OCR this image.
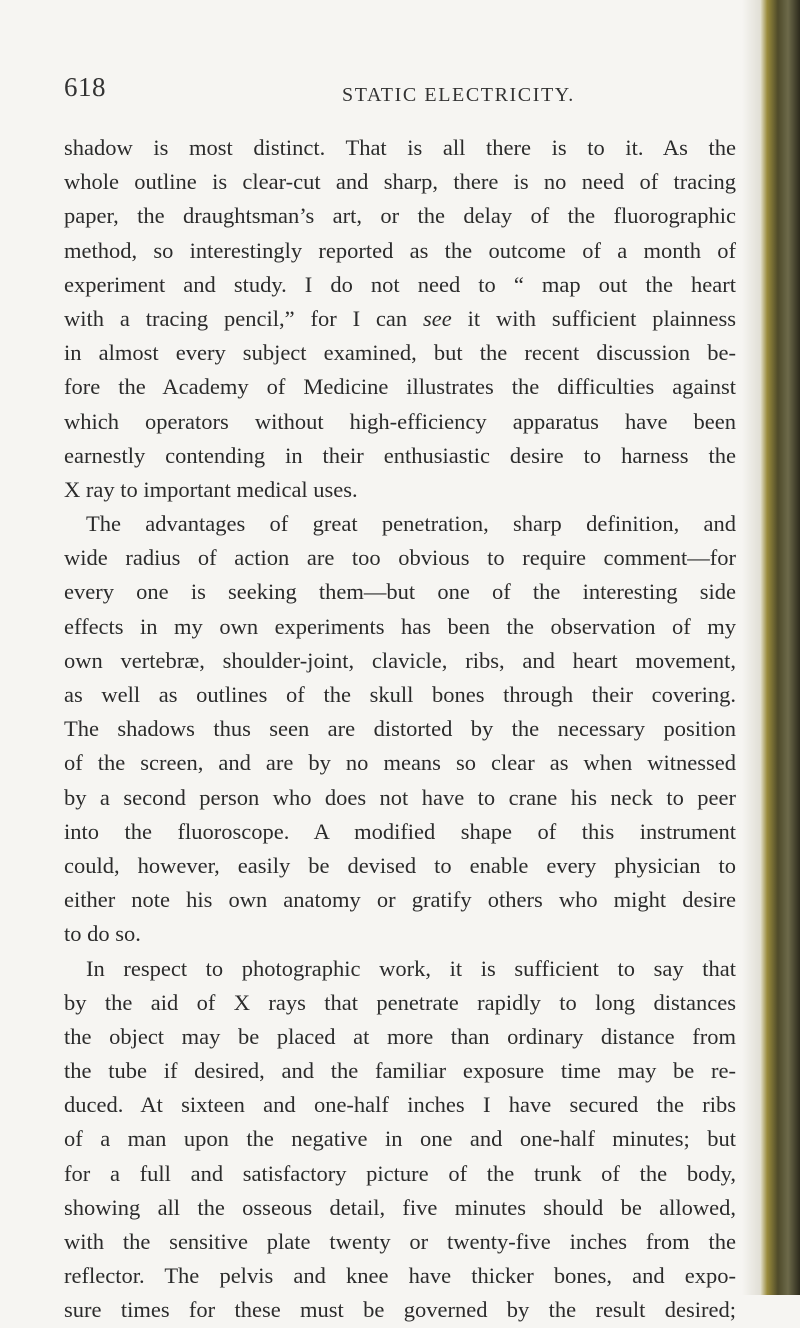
618	STATIC ELECTRICITY.
shadow is most distinct. That is all there is to it. As the
whole outline is clear-cut and sharp, there is no need of tracing
paper, the draughtsman’s art, or the delay of the fluorographic
method, so interestingly reported as the outcome of a month of
experiment and study. I do not need to “ map out the heart
with a tracing pencil,” for I can see it with sufficient plainness
in almost every subject examined, but the recent discussion be-
fore the Academy of Medicine illustrates the difficulties against
which operators without high-efficiency apparatus have been
earnestly contending in their enthusiastic desire to harness the
X ray to important medical uses.
The advantages of great penetration, sharp definition, and
wide radius of action are too obvious to require comment—for
every one is seeking them—but one of the interesting side
effects in my own experiments has been the observation of my
own vertebræ, shoulder-joint, clavicle, ribs, and heart movement,
as well as outlines of the skull bones through their covering.
The shadows thus seen are distorted by the necessary position
of the screen, and are by no means so clear as when witnessed
by a second person who does not have to crane his neck to peer
into the fluoroscope. A modified shape of this instrument
could, however, easily be devised to enable every physician to
either note his own anatomy or gratify others who might desire
to do so.
In respect to photographic work, it is sufficient to say that
by the aid of X rays that penetrate rapidly to long distances
the object may be placed at more than ordinary distance from
the tube if desired, and the familiar exposure time may be re-
duced. At sixteen and one-half inches I have secured the ribs
of a man upon the negative in one and one-half minutes; but
for a full and satisfactory picture of the trunk of the body,
showing all the osseous detail, five minutes should be allowed,
with the sensitive plate twenty or twenty-five inches from the
reflector. The pelvis and knee have thicker bones, and expo-
sure times for these must be governed by the result desired;
